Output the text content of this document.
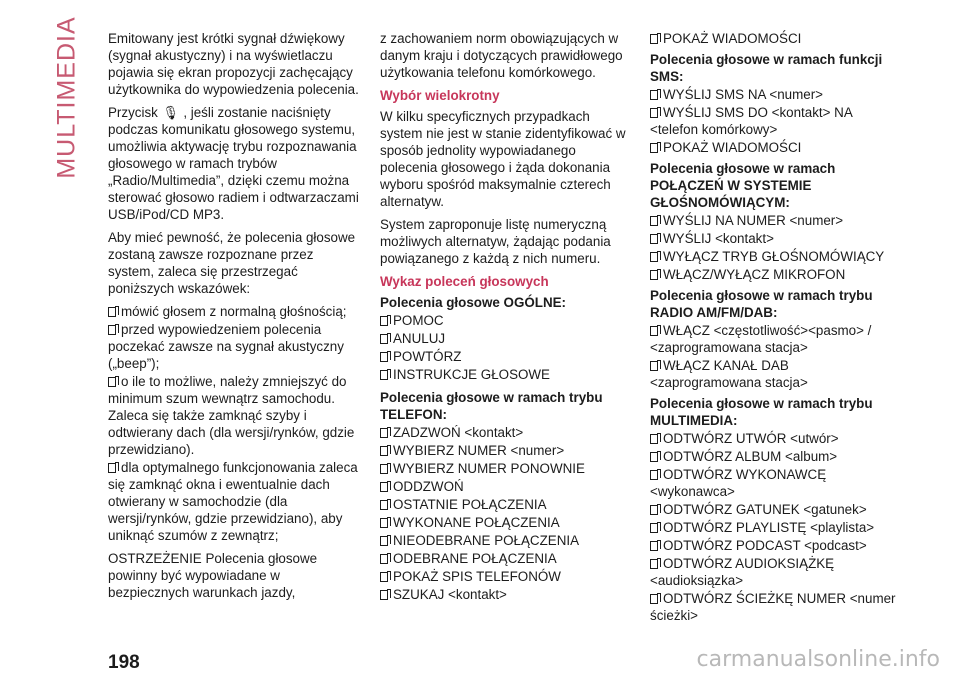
MULTIMEDIA Emitowany jest krótki sygnał dźwiękowy (sygnał akustyczny) i na wyświetlaczu pojawia się ekran propozycji zachęcający użytkownika do wypowiedzenia polecenia.

Przycisk 🎙 , jeśli zostanie naciśnięty podczas komunikatu głosowego systemu, umożliwia aktywację trybu rozpoznawania głosowego w ramach trybów „Radio/Multimedia”, dzięki czemu można sterować głosowo radiem i odtwarzaczami USB/iPod/CD MP3.

Aby mieć pewność, że polecenia głosowe zostaną zawsze rozpoznane przez system, zaleca się przestrzegać poniższych wskazówek:

mówić głosem z normalną głośnością;
przed wypowiedzeniem polecenia poczekać zawsze na sygnał akustyczny („beep”);
o ile to możliwe, należy zmniejszyć do minimum szum wewnątrz samochodu. Zaleca się także zamknąć szyby i odtwierany dach (dla wersji/rynków, gdzie przewidziano).
dla optymalnego funkcjonowania zaleca się zamknąć okna i ewentualnie dach otwierany w samochodzie (dla wersji/rynków, gdzie przewidziano), aby uniknąć szumów z zewnątrz;

OSTRZEŻENIE Polecenia głosowe powinny być wypowiadane w bezpiecznych warunkach jazdy,

z zachowaniem norm obowiązujących w danym kraju i dotyczących prawidłowego użytkowania telefonu komórkowego.

Wybór wielokrotny

W kilku specyficznych przypadkach system nie jest w stanie zidentyfikować w sposób jednolity wypowiadanego polecenia głosowego i żąda dokonania wyboru spośród maksymalnie czterech alternatyw.

System zaproponuje listę numeryczną możliwych alternatyw, żądając podania powiązanego z każdą z nich numeru.

Wykaz poleceń głosowych
Polecenia głosowe OGÓLNE:
POMOC
ANULUJ
POWTÓRZ
INSTRUKCJE GŁOSOWE
Polecenia głosowe w ramach trybu TELEFON:
ZADZWOŃ <kontakt>
WYBIERZ NUMER <numer>
WYBIERZ NUMER PONOWNIE
ODDZWOŃ
OSTATNIE POŁĄCZENIA
WYKONANE POŁĄCZENIA
NIEODEBRANE POŁĄCZENIA
ODEBRANE POŁĄCZENIA
POKAŻ SPIS TELEFONÓW
SZUKAJ <kontakt>
POKAŻ WIADOMOŚCI
Polecenia głosowe w ramach funkcji SMS:
WYŚLIJ SMS NA <numer>
WYŚLIJ SMS DO <kontakt> NA <telefon komórkowy>
POKAŻ WIADOMOŚCI
Polecenia głosowe w ramach POŁĄCZEŃ W SYSTEMIE GŁOŚNOMÓWIĄCYM:
WYŚLIJ NA NUMER <numer>
WYŚLIJ <kontakt>
WYŁĄCZ TRYB GŁOŚNOMÓWIĄCY
WŁĄCZ/WYŁĄCZ MIKROFON
Polecenia głosowe w ramach trybu RADIO AM/FM/DAB:
WŁĄCZ <częstotliwość><pasmo> / <zaprogramowana stacja>
WŁĄCZ KANAŁ DAB <zaprogramowana stacja>
Polecenia głosowe w ramach trybu MULTIMEDIA:
ODTWÓRZ UTWÓR <utwór>
ODTWÓRZ ALBUM <album>
ODTWÓRZ WYKONAWCĘ <wykonawca>
ODTWÓRZ GATUNEK <gatunek>
ODTWÓRZ PLAYLISTĘ <playlista>
ODTWÓRZ PODCAST <podcast>
ODTWÓRZ AUDIOKSIĄŻKĘ <audioksiązka>
ODTWÓRZ ŚCIEŻKĘ NUMER <numer ścieżki>
198	carmanualsonline.info
